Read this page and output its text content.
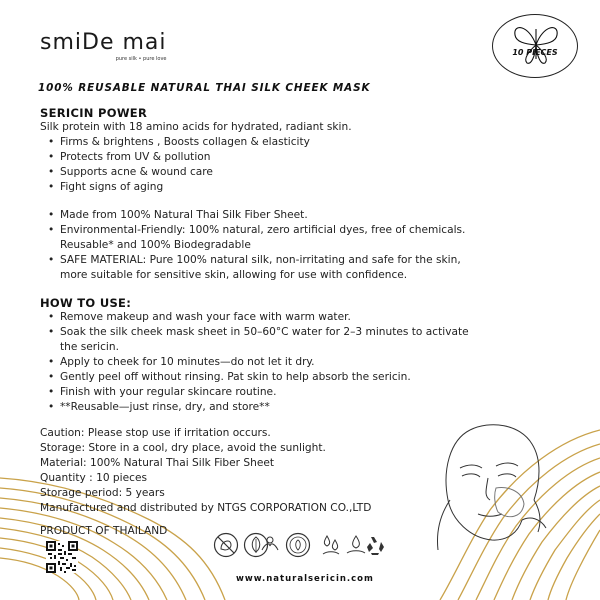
smiDe mai
pure silk • pure love
10 PIECES
100% REUSABLE NATURAL THAI SILK CHEEK MASK
SERICIN POWER
Silk protein with 18 amino acids for hydrated, radiant skin.
• Firms & brightens , Boosts collagen & elasticity
• Protects from UV & pollution
• Supports acne & wound care
• Fight signs of aging
• Made from 100% Natural Thai Silk Fiber Sheet.
• Environmental-Friendly: 100% natural, zero artificial dyes, free of chemicals.
Reusable* and 100% Biodegradable
• SAFE MATERIAL: Pure 100% natural silk, non-irritating and safe for the skin,
more suitable for sensitive skin, allowing for use with confidence.
HOW TO USE:
• Remove makeup and wash your face with warm water.
• Soak the silk cheek mask sheet in 50–60°C water for 2–3 minutes to activate
the sericin.
• Apply to cheek for 10 minutes—do not let it dry.
• Gently peel off without rinsing. Pat skin to help absorb the sericin.
• Finish with your regular skincare routine.
• **Reusable—just rinse, dry, and store**
Caution: Please stop use if irritation occurs.
Storage: Store in a cool, dry place, avoid the sunlight.
Material: 100% Natural Thai Silk Fiber Sheet
Quantity : 10 pieces
Storage period: 5 years
Manufactured and distributed by NTGS CORPORATION CO.,LTD
PRODUCT OF THAILAND
www.naturalsericin.com
